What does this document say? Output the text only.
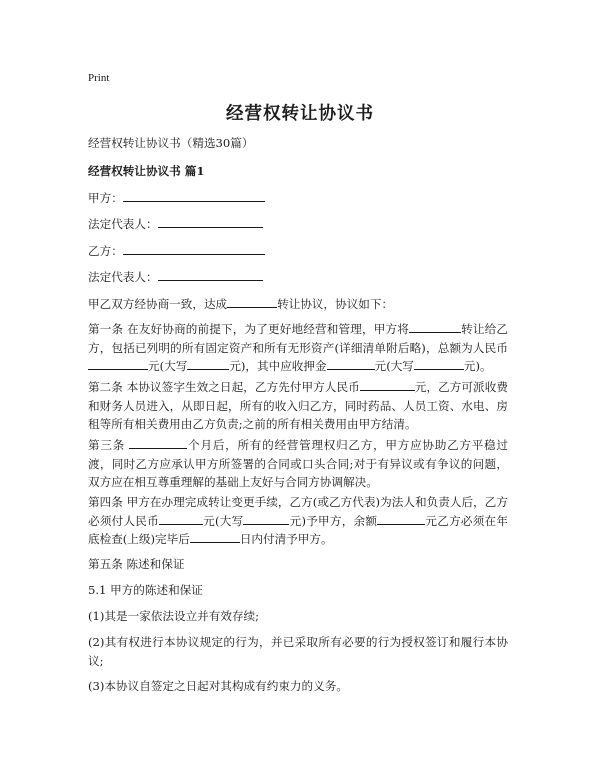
Print
经营权转让协议书
经营权转让协议书（精选30篇）
经营权转让协议书 篇1
甲方：
法定代表人：
乙方：
法定代表人：
甲乙双方经协商一致，达成	转让协议，协议如下：
第一条 在友好协商的前提下，为了更好地经营和管理，甲方将	转让给乙方，包括已列明的所有固定资产和所有无形资产(详细清单附后略)，总额为人民币元(大写	元)，其中应收押金	元(大写	元)。
第二条 本协议签字生效之日起，乙方先付甲方人民币	元，乙方可派收费和财务人员进入，从即日起，所有的收入归乙方，同时药品、人员工资、水电、房租等所有相关费用由乙方负责;之前的所有相关费用由甲方结清。
第三条	个月后，所有的经营管理权归乙方，甲方应协助乙方平稳过渡，同时乙方应承认甲方所签署的合同或口头合同;对于有异议或有争议的问题，双方应在相互尊重理解的基础上友好与合同方协调解决。
第四条 甲方在办理完成转让变更手续，乙方(或乙方代表)为法人和负责人后，乙方必须付人民币	元(大写	元)予甲方，余额	元乙方必须在年底检查(上级)完毕后	日内付清予甲方。
第五条 陈述和保证
5.1 甲方的陈述和保证
(1)其是一家依法设立并有效存续;
(2)其有权进行本协议规定的行为，并已采取所有必要的行为授权签订和履行本协议;
(3)本协议自签定之日起对其构成有约束力的义务。
